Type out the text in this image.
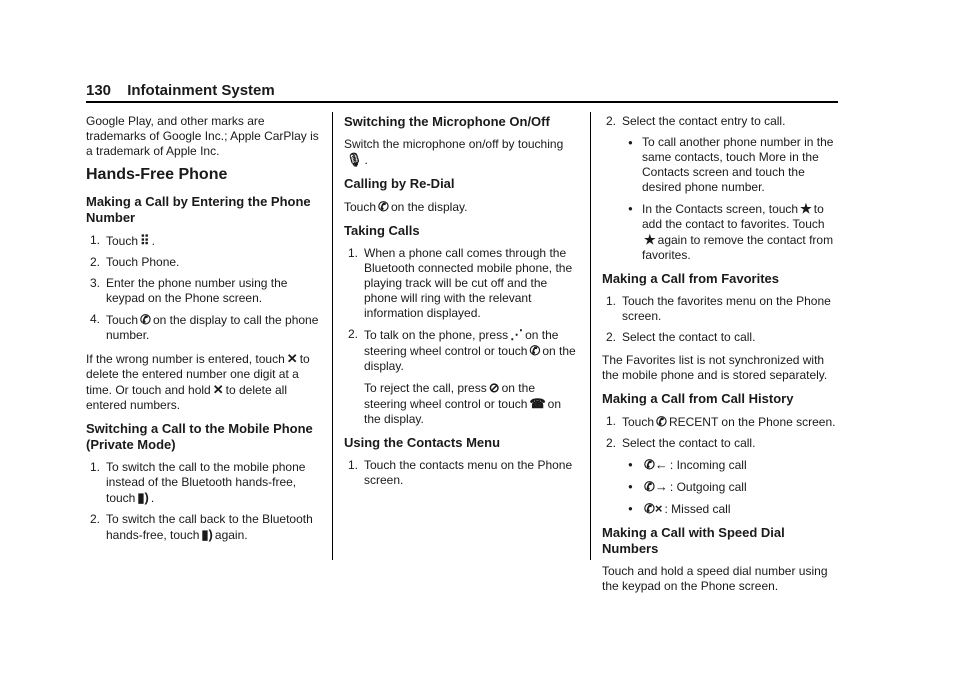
130 Infotainment System

Google Play, and other marks are trademarks of Google Inc.; Apple CarPlay is a trademark of Apple Inc.

Hands-Free Phone
Making a Call by Entering the Phone Number
1. Touch ⠿ .
2. Touch Phone.
3. Enter the phone number using the keypad on the Phone screen.
4. Touch ✆ on the display to call the phone number.

If the wrong number is entered, touch ✕ to delete the entered number one digit at a time. Or touch and hold ✕ to delete all entered numbers.

Switching a Call to the Mobile Phone (Private Mode)
1. To switch the call to the mobile phone instead of the Bluetooth hands-free, touch ▮) .
2. To switch the call back to the Bluetooth hands-free, touch ▮) again.
Switching the Microphone On/Off

Switch the microphone on/off by touching🎙︎ .

Calling by Re-Dial

Touch ✆ on the display.

Taking Calls
1. When a phone call comes through the Bluetooth connected mobile phone, the playing track will be cut off and the phone will ring with the relevant information displayed.
2. To talk on the phone, press ⋰ on the steering wheel control or touch ✆ on the display.
To reject the call, press ⊘ on the steering wheel control or touch ☎ on the display.
Using the Contacts Menu
1. Touch the contacts menu on the Phone screen.
2. Select the contact entry to call.
● To call another phone number in the same contacts, touch More in the Contacts screen and touch the desired phone number.
● In the Contacts screen, touch ★ to add the contact to favorites. Touch★ again to remove the contact from favorites.
Making a Call from Favorites
1. Touch the favorites menu on the Phone screen.
2. Select the contact to call.

The Favorites list is not synchronized with the mobile phone and is stored separately.

Making a Call from Call History
1. Touch ✆ RECENT on the Phone screen.
2. Select the contact to call.
● ✆← : Incoming call
● ✆→ : Outgoing call
● ✆× : Missed call
Making a Call with Speed Dial Numbers

Touch and hold a speed dial number using the keypad on the Phone screen.
